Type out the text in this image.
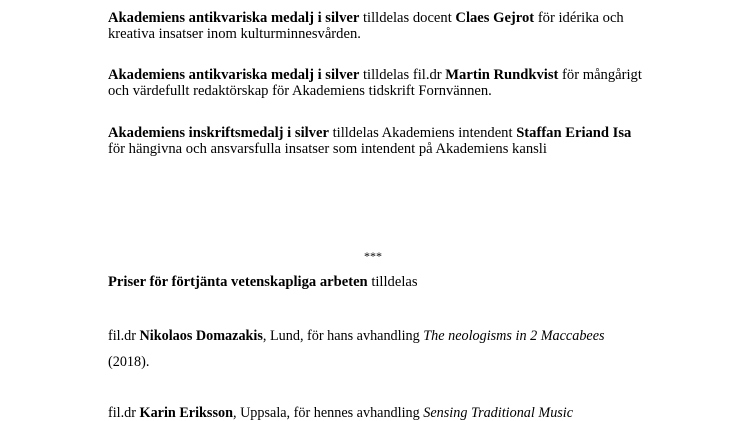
Akademiens antikvariska medalj i silver tilldelas docent Claes Gejrot för idérika och kreativa insatser inom kulturminnesvården.

Akademiens antikvariska medalj i silver tilldelas fil.dr Martin Rundkvist för mångårigt och värdefullt redaktörskap för Akademiens tidskrift Fornvännen.

Akademiens inskriftsmedalj i silver tilldelas Akademiens intendent Staffan Eriand Isa för hängivna och ansvarsfulla insatser som intendent på Akademiens kansli

***

Priser för förtjänta vetenskapliga arbeten tilldelas

fil.dr Nikolaos Domazakis, Lund, för hans avhandling The neologisms in 2 Maccabees

(2018).

fil.dr Karin Eriksson, Uppsala, för hennes avhandling Sensing Traditional Music
